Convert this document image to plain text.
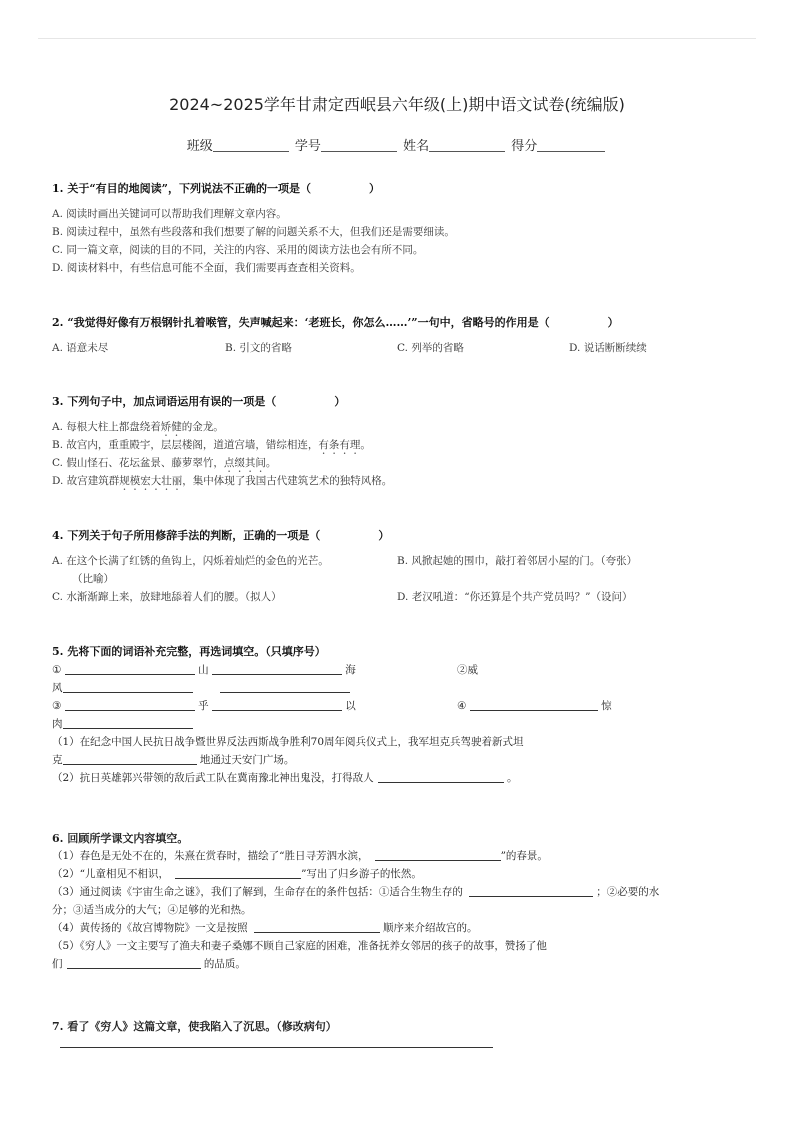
2024~2025学年甘肃定西岷县六年级(上)期中语文试卷(统编版)
班级	学号	姓名	得分
1. 关于“有目的地阅读”，下列说法不正确的一项是（	）
A. 阅读时画出关键词可以帮助我们理解文章内容。
B. 阅读过程中，虽然有些段落和我们想要了解的问题关系不大，但我们还是需要细读。
C. 同一篇文章，阅读的目的不同，关注的内容、采用的阅读方法也会有所不同。
D. 阅读材料中，有些信息可能不全面，我们需要再查查相关资料。
2. “我觉得好像有万根钢针扎着喉管，失声喊起来：‘老班长，你怎么……’”一句中，省略号的作用是（	）
A. 语意未尽	B. 引文的省略	C. 列举的省略	D. 说话断断续续
3. 下列句子中，加点词语运用有误的一项是（	）
A. 每根大柱上都盘绕着矫健的金龙。
B. 故宫内，重重殿宇，层层楼阁，道道宫墙，错综相连，有条有理。
C. 假山怪石、花坛盆景、藤萝翠竹，点缀其间。
D. 故宫建筑群规模宏大壮丽，集中体现了我国古代建筑艺术的独特风格。
4. 下列关于句子所用修辞手法的判断，正确的一项是（	）
A. 在这个长满了红锈的鱼钩上，闪烁着灿烂的金色的光芒。	B. 风掀起她的围巾，敲打着邻居小屋的门。（夸张）
（比喻）
C. 水渐渐蹿上来，放肆地舔着人们的腰。（拟人）	D. 老汉吼道：“你还算是个共产党员吗？”（设问）
5. 先将下面的词语补充完整，再选词填空。（只填序号）
①	山	海	②威
风
③	乎	以	④	惊
肉
（1）在纪念中国人民抗日战争暨世界反法西斯战争胜利70周年阅兵仪式上，我军坦克兵驾驶着新式坦
克	地通过天安门广场。
（2）抗日英雄郭兴带领的敌后武工队在冀南豫北神出鬼没，打得敌人	。
6. 回顾所学课文内容填空。
（1）春色是无处不在的，朱熹在赏春时，描绘了“胜日寻芳泗水滨，	”的春景。
（2）“儿童相见不相识，	”写出了归乡游子的怅然。
（3）通过阅读《宇宙生命之谜》，我们了解到，生命存在的条件包括：①适合生物生存的	；②必要的水
分；③适当成分的大气；④足够的光和热。
（4）黄传扬的《故宫博物院》一文是按照	顺序来介绍故宫的。
（5）《穷人》一文主要写了渔夫和妻子桑娜不顾自己家庭的困难，准备抚养女邻居的孩子的故事，赞扬了他
们	的品质。
7. 看了《穷人》这篇文章，使我陷入了沉思。（修改病句）
